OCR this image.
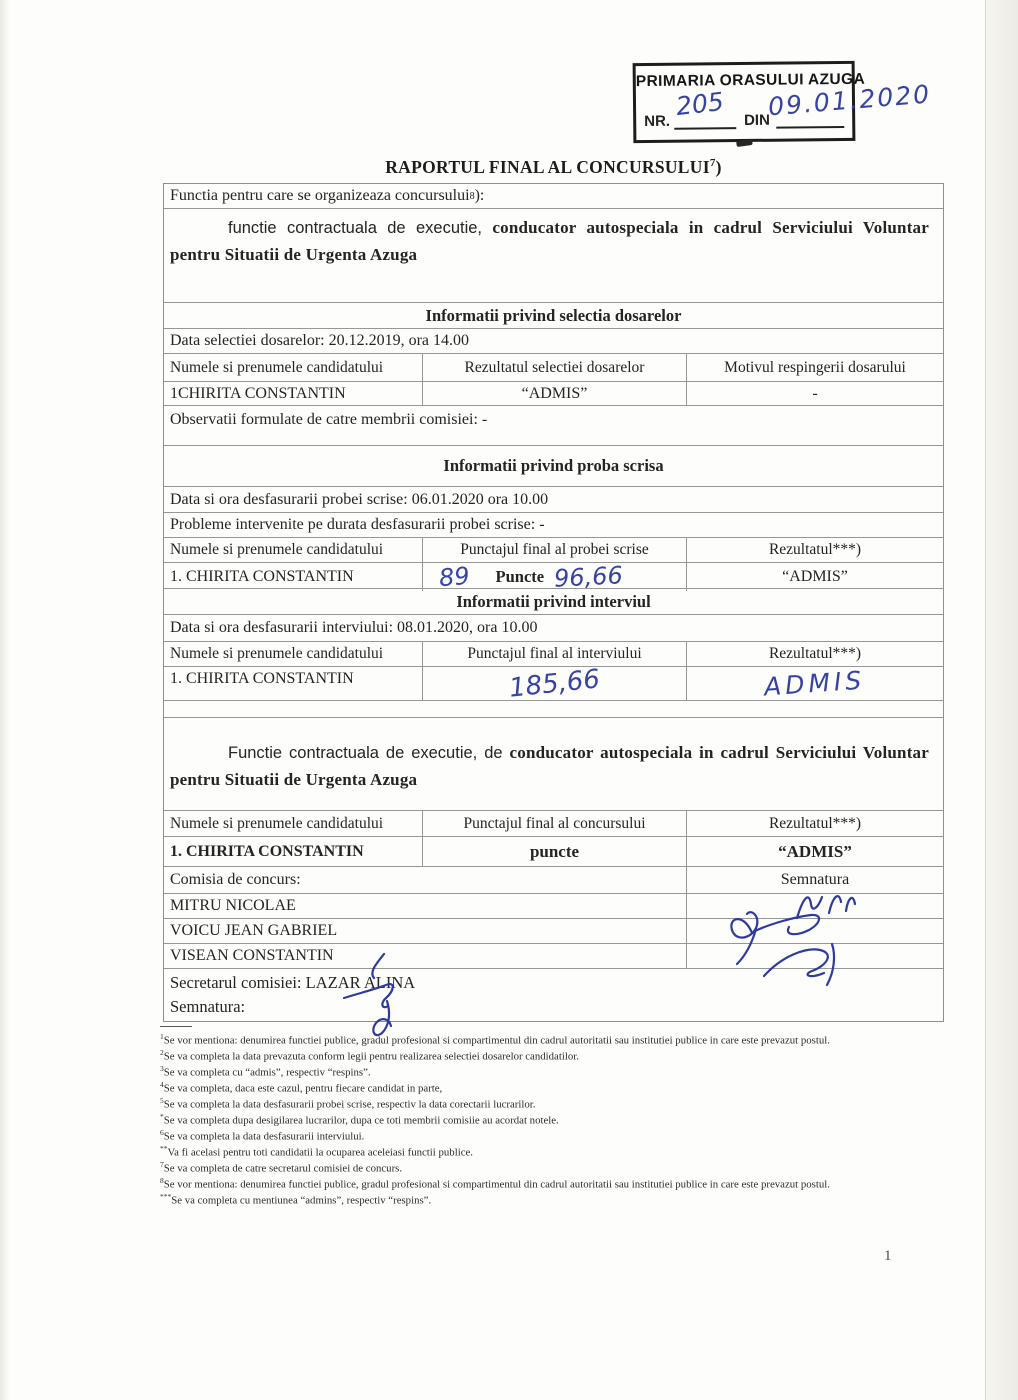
PRIMARIA ORASULUI AZUGA
NR.	DIN
205 09.01.2020
RAPORTUL FINAL AL CONCURSULUI$^7$)
Functia pentru care se organizeaza concursului 8 ):
functie contractuala de executie, conducator autospeciala in cadrul Serviciului Voluntar pentru Situatii de Urgenta Azuga
Informatii privind selectia dosarelor
Data selectiei dosarelor: 20.12.2019, ora 14.00
Numele si prenumele candidatului	Rezultatul selectiei dosarelor	Motivul respingerii dosarului
1CHIRITA CONSTANTIN	“ADMIS”	-
Observatii formulate de catre membrii comisiei: -
Informatii privind proba scrisa
Data si ora desfasurarii probei scrise: 06.01.2020 ora 10.00
Probleme intervenite pe durata desfasurarii probei scrise: -
Numele si prenumele candidatului	Punctajul final al probei scrise	Rezultatul***)
1. CHIRITA CONSTANTIN	89 Puncte 96,66	“ADMIS”
Informatii privind interviul
Data si ora desfasurarii interviului: 08.01.2020, ora 10.00
Numele si prenumele candidatului	Punctajul final al interviului	Rezultatul***)
1. CHIRITA CONSTANTIN	185,66	ADMIS
Functie contractuala de executie, de conducator autospeciala in cadrul Serviciului Voluntar pentru Situatii de Urgenta Azuga
Numele si prenumele candidatului	Punctajul final al concursului	Rezultatul***)
1. CHIRITA CONSTANTIN	puncte	“ADMIS”
Comisia de concurs:	Semnatura
MITRU NICOLAE
VOICU JEAN GABRIEL
VISEAN CONSTANTIN
Secretarul comisiei: LAZAR ALINA
Semnatura:
$^1$Se vor mentiona: denumirea functiei publice, gradul profesional si compartimentul din cadrul autoritatii sau institutiei publice in care este prevazut postul.
$^2$Se va completa la data prevazuta conform legii pentru realizarea selectiei dosarelor candidatilor.
$^3$Se va completa cu “admis”, respectiv “respins”.
$^4$Se va completa, daca este cazul, pentru fiecare candidat in parte,
$^5$Se va completa la data desfasurarii probei scrise, respectiv la data corectarii lucrarilor.
*Se va completa dupa desigilarea lucrarilor, dupa ce toti membrii comisiie au acordat notele.
$^6$Se va completa la data desfasurarii interviului.
**Va fi acelasi pentru toti candidatii la ocuparea aceleiasi functii publice.
$^7$Se va completa de catre secretarul comisiei de concurs.
$^8$Se vor mentiona: denumirea functiei publice, gradul profesional si compartimentul din cadrul autoritatii sau institutiei publice in care este prevazut postul.
***Se va completa cu mentiunea “admins”, respectiv “respins”.
1
